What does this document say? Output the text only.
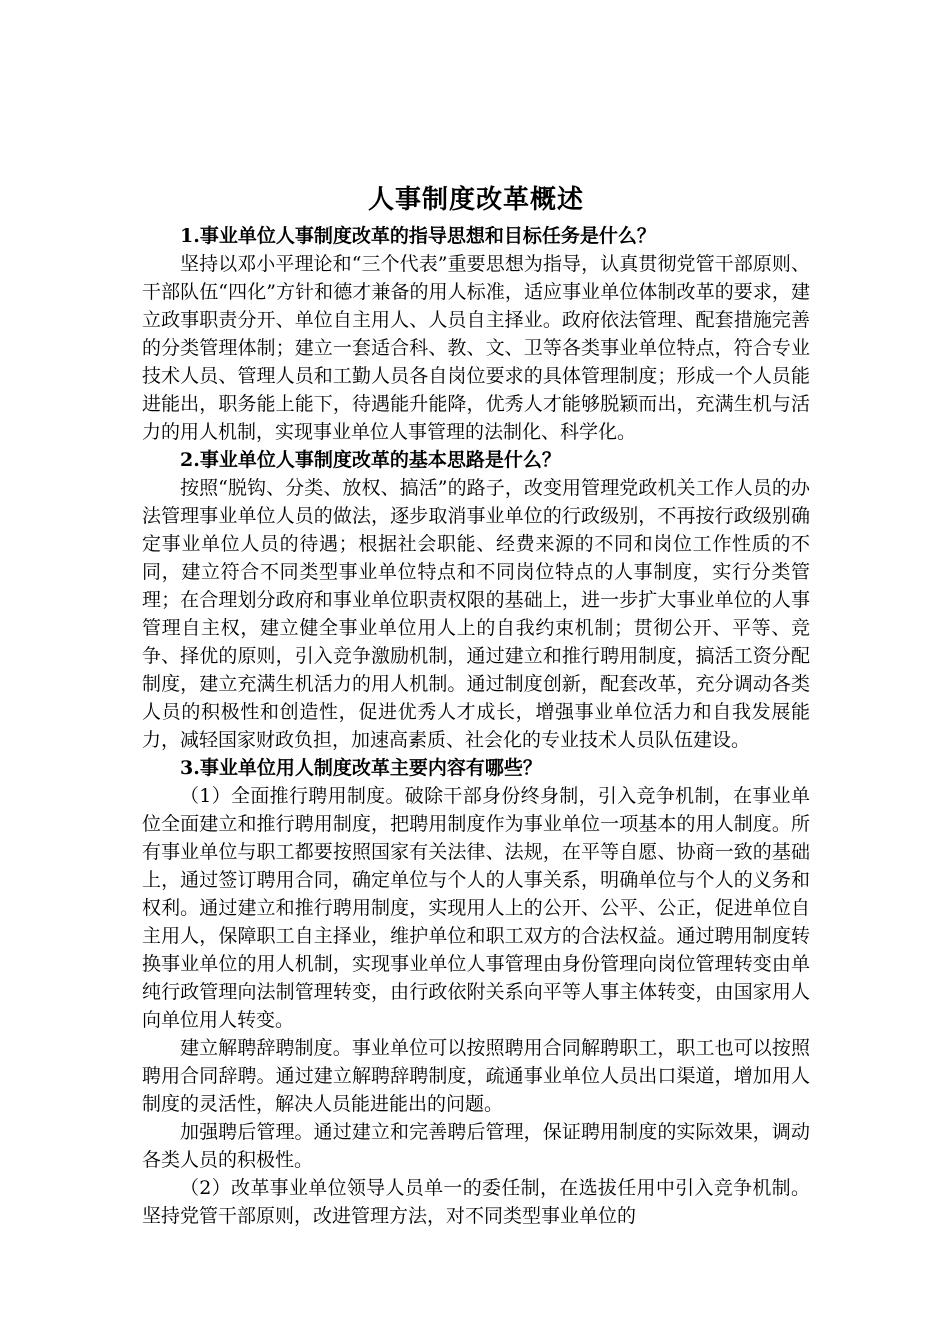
人事制度改革概述

1.事业单位人事制度改革的指导思想和目标任务是什么？

坚持以邓小平理论和“三个代表”重要思想为指导，认真贯彻党管干部原则、干部队伍“四化”方针和德才兼备的用人标准，适应事业单位体制改革的要求，建立政事职责分开、单位自主用人、人员自主择业。政府依法管理、配套措施完善的分类管理体制；建立一套适合科、教、文、卫等各类事业单位特点，符合专业技术人员、管理人员和工勤人员各自岗位要求的具体管理制度；形成一个人员能进能出，职务能上能下，待遇能升能降，优秀人才能够脱颖而出，充满生机与活力的用人机制，实现事业单位人事管理的法制化、科学化。

2.事业单位人事制度改革的基本思路是什么？

按照“脱钩、分类、放权、搞活”的路子，改变用管理党政机关工作人员的办法管理事业单位人员的做法，逐步取消事业单位的行政级别，不再按行政级别确定事业单位人员的待遇；根据社会职能、经费来源的不同和岗位工作性质的不同，建立符合不同类型事业单位特点和不同岗位特点的人事制度，实行分类管理；在合理划分政府和事业单位职责权限的基础上，进一步扩大事业单位的人事管理自主权，建立健全事业单位用人上的自我约束机制；贯彻公开、平等、竞争、择优的原则，引入竞争激励机制，通过建立和推行聘用制度，搞活工资分配制度，建立充满生机活力的用人机制。通过制度创新，配套改革，充分调动各类人员的积极性和创造性，促进优秀人才成长，增强事业单位活力和自我发展能力，减轻国家财政负担，加速高素质、社会化的专业技术人员队伍建设。

3.事业单位用人制度改革主要内容有哪些？

（1）全面推行聘用制度。破除干部身份终身制，引入竞争机制，在事业单位全面建立和推行聘用制度，把聘用制度作为事业单位一项基本的用人制度。所有事业单位与职工都要按照国家有关法律、法规，在平等自愿、协商一致的基础上，通过签订聘用合同，确定单位与个人的人事关系，明确单位与个人的义务和权利。通过建立和推行聘用制度，实现用人上的公开、公平、公正，促进单位自主用人，保障职工自主择业，维护单位和职工双方的合法权益。通过聘用制度转换事业单位的用人机制，实现事业单位人事管理由身份管理向岗位管理转变由单纯行政管理向法制管理转变，由行政依附关系向平等人事主体转变，由国家用人向单位用人转变。

建立解聘辞聘制度。事业单位可以按照聘用合同解聘职工，职工也可以按照聘用合同辞聘。通过建立解聘辞聘制度，疏通事业单位人员出口渠道，增加用人制度的灵活性，解决人员能进能出的问题。

加强聘后管理。通过建立和完善聘后管理，保证聘用制度的实际效果，调动各类人员的积极性。

（2）改革事业单位领导人员单一的委任制，在选拔任用中引入竞争机制。坚持党管干部原则，改进管理方法，对不同类型事业单位的
